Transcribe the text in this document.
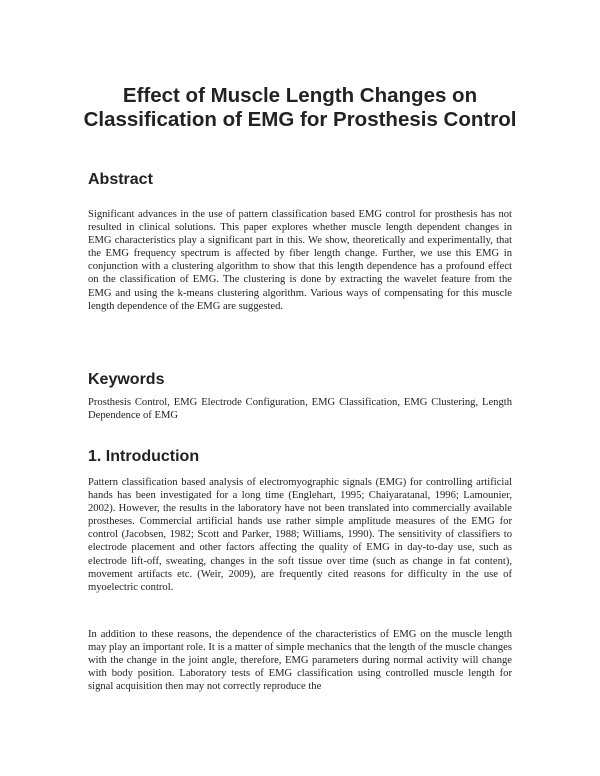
Effect of Muscle Length Changes on
Classification of EMG for Prosthesis Control
Abstract

Significant advances in the use of pattern classification based EMG control for prosthesis has not resulted in clinical solutions. This paper explores whether muscle length dependent changes in EMG characteristics play a significant part in this. We show, theoretically and experimentally, that the EMG frequency spectrum is affected by fiber length change. Further, we use this EMG in conjunction with a clustering algorithm to show that this length dependence has a profound effect on the classification of EMG. The clustering is done by extracting the wavelet feature from the EMG and using the k-means clustering algorithm. Various ways of compensating for this muscle length dependence of the EMG are suggested.

Keywords

Prosthesis Control, EMG Electrode Configuration, EMG Classification, EMG Clustering, Length Dependence of EMG

1. Introduction

Pattern classification based analysis of electromyographic signals (EMG) for controlling artificial hands has been investigated for a long time (Englehart, 1995; Chaiyaratanal, 1996; Lamounier, 2002). However, the results in the laboratory have not been translated into commercially available prostheses. Commercial artificial hands use rather simple amplitude measures of the EMG for control (Jacobsen, 1982; Scott and Parker, 1988; Williams, 1990). The sensitivity of classifiers to electrode placement and other factors affecting the quality of EMG in day-to-day use, such as electrode lift-off, sweating, changes in the soft tissue over time (such as change in fat content), movement artifacts etc. (Weir, 2009), are frequently cited reasons for difficulty in the use of myoelectric control.

In addition to these reasons, the dependence of the characteristics of EMG on the muscle length may play an important role. It is a matter of simple mechanics that the length of the muscle changes with the change in the joint angle, therefore, EMG parameters during normal activity will change with body position. Laboratory tests of EMG classification using controlled muscle length for signal acquisition then may not correctly reproduce the
